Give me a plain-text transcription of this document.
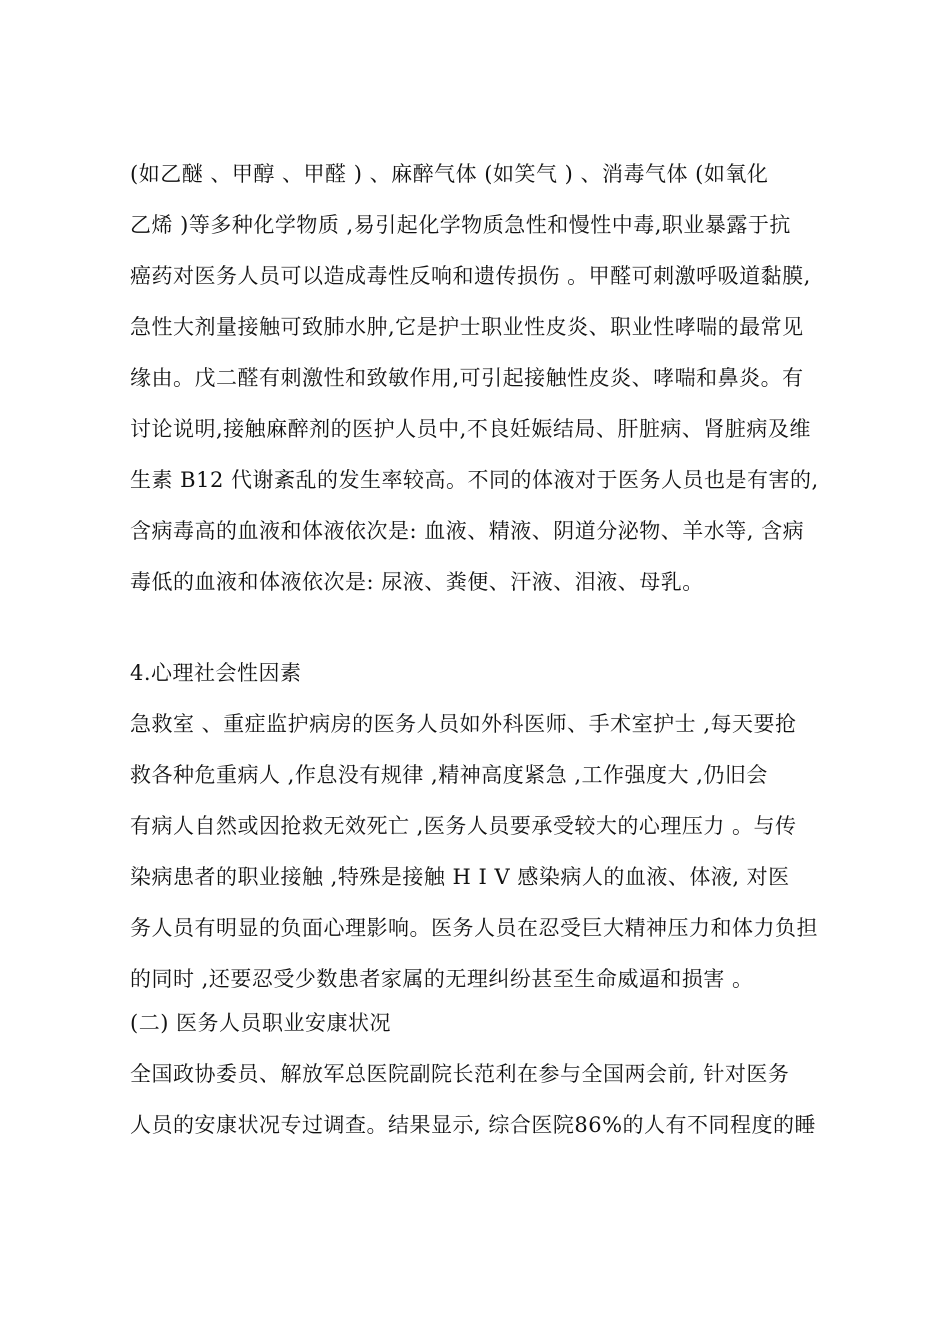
(如乙醚 、甲醇 、甲醛 ) 、麻醉气体 (如笑气 ) 、消毒气体 (如氧化
乙烯 )等多种化学物质 ,易引起化学物质急性和慢性中毒,职业暴露于抗
癌药对医务人员可以造成毒性反响和遗传损伤 。甲醛可刺激呼吸道黏膜,
急性大剂量接触可致肺水肿,它是护士职业性皮炎、职业性哮喘的最常见
缘由。戊二醛有刺激性和致敏作用,可引起接触性皮炎、哮喘和鼻炎。有
讨论说明,接触麻醉剂的医护人员中,不良妊娠结局、肝脏病、肾脏病及维
生素 B12 代谢紊乱的发生率较高。不同的体液对于医务人员也是有害的,
含病毒高的血液和体液依次是: 血液、精液、阴道分泌物、羊水等, 含病
毒低的血液和体液依次是: 尿液、粪便、汗液、泪液、母乳。
4.心理社会性因素
急救室 、重症监护病房的医务人员如外科医师、手术室护士 ,每天要抢
救各种危重病人 ,作息没有规律 ,精神高度紧急 ,工作强度大 ,仍旧会
有病人自然或因抢救无效死亡 ,医务人员要承受较大的心理压力 。与传
染病患者的职业接触 ,特殊是接触 H I V 感染病人的血液、体液, 对医
务人员有明显的负面心理影响。医务人员在忍受巨大精神压力和体力负担
的同时 ,还要忍受少数患者家属的无理纠纷甚至生命威逼和损害 。
(二) 医务人员职业安康状况
全国政协委员、解放军总医院副院长范利在参与全国两会前, 针对医务
人员的安康状况专过调查。结果显示, 综合医院86%的人有不同程度的睡
